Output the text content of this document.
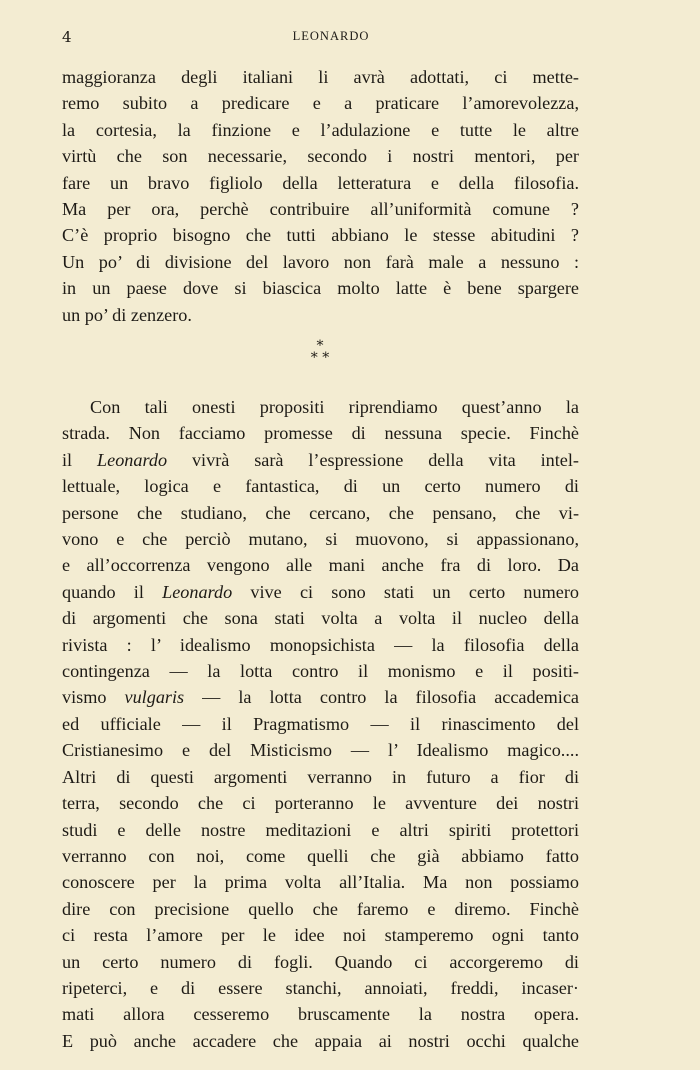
4	LEONARDO
maggioranza degli italiani li avrà adottati, ci mette-
remo subito a predicare e a praticare l’amorevolezza,
la cortesia, la finzione e l’adulazione e tutte le altre
virtù che son necessarie, secondo i nostri mentori, per
fare un bravo figliolo della letteratura e della filosofia.
Ma per ora, perchè contribuire all’uniformità comune ?
C’è proprio bisogno che tutti abbiano le stesse abitudini ?
Un po’ di divisione del lavoro non farà male a nessuno :
in un paese dove si biascica molto latte è bene spargere
un po’ di zenzero.
*
* *
Con tali onesti propositi riprendiamo quest’anno la
strada. Non facciamo promesse di nessuna specie. Finchè
il Leonardo vivrà sarà l’espressione della vita intel-
lettuale, logica e fantastica, di un certo numero di
persone che studiano, che cercano, che pensano, che vi-
vono e che perciò mutano, si muovono, si appassionano,
e all’occorrenza vengono alle mani anche fra di loro. Da
quando il Leonardo vive ci sono stati un certo numero
di argomenti che sona stati volta a volta il nucleo della
rivista : l’ idealismo monopsichista — la filosofia della
contingenza — la lotta contro il monismo e il positi-
vismo vulgaris — la lotta contro la filosofia accademica
ed ufficiale — il Pragmatismo — il rinascimento del
Cristianesimo e del Misticismo — l’ Idealismo magico....
Altri di questi argomenti verranno in futuro a fior di
terra, secondo che ci porteranno le avventure dei nostri
studi e delle nostre meditazioni e altri spiriti protettori
verranno con noi, come quelli che già abbiamo fatto
conoscere per la prima volta all’Italia. Ma non possiamo
dire con precisione quello che faremo e diremo. Finchè
ci resta l’amore per le idee noi stamperemo ogni tanto
un certo numero di fogli. Quando ci accorgeremo di
ripeterci, e di essere stanchi, annoiati, freddi, incaser·
mati allora cesseremo bruscamente la nostra opera.
E può anche accadere che appaia ai nostri occhi qualche
